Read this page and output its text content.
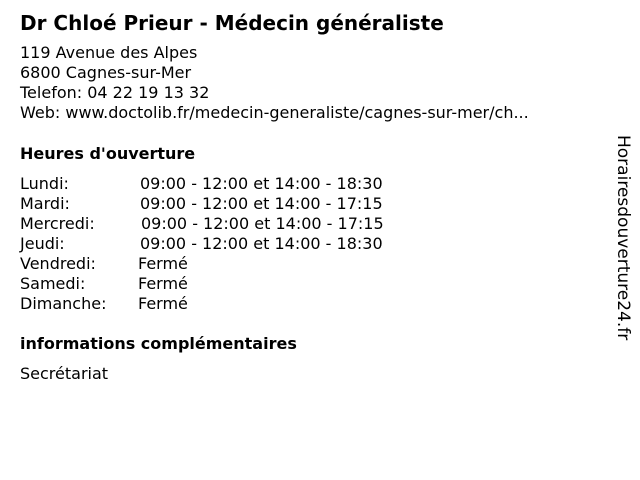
Dr Chloé Prieur - Médecin généraliste
119 Avenue des Alpes
6800 Cagnes-sur-Mer
Telefon: 04 22 19 13 32
Web: www.doctolib.fr/medecin-generaliste/cagnes-sur-mer/ch...
Heures d'ouverture
Lundi:	09:00 - 12:00 et 14:00 - 18:30
Mardi:	09:00 - 12:00 et 14:00 - 17:15
Mercredi:	09:00 - 12:00 et 14:00 - 17:15
Jeudi:	09:00 - 12:00 et 14:00 - 18:30
Vendredi:	Fermé
Samedi:	Fermé
Dimanche: Fermé
informations complémentaires
Secrétariat
Horairesdouverture24.fr
